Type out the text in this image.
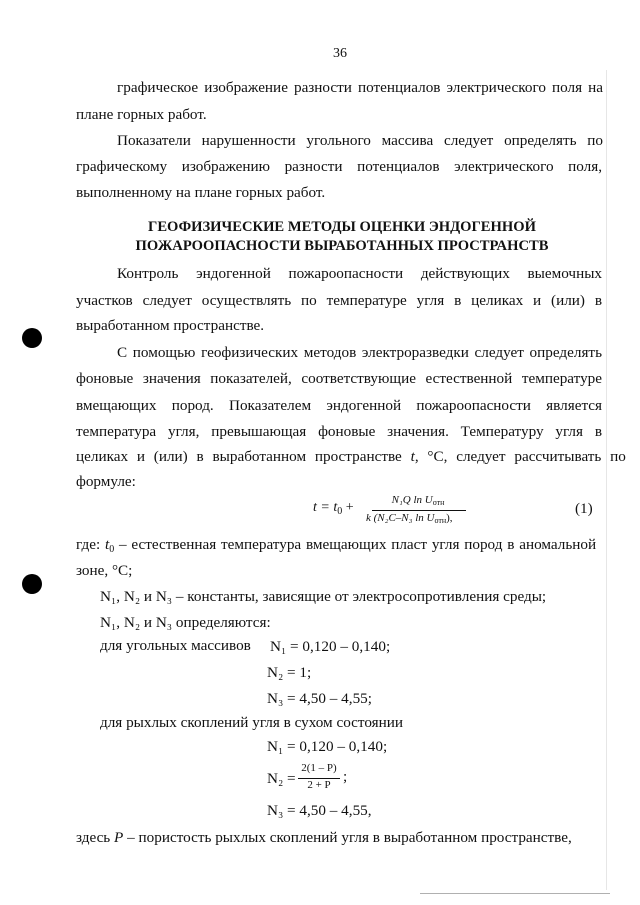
36
графическое изображение разности потенциалов электрического поля на
плане горных работ.
Показатели нарушенности угольного массива следует определять по
графическому изображению разности потенциалов электрического поля,
выполненному на плане горных работ.
ГЕОФИЗИЧЕСКИЕ МЕТОДЫ ОЦЕНКИ ЭНДОГЕННОЙ
ПОЖАРООПАСНОСТИ ВЫРАБОТАННЫХ ПРОСТРАНСТВ
Контроль эндогенной пожароопасности действующих выемочных
участков следует осуществлять по температуре угля в целиках и (или) в
выработанном пространстве.
С помощью геофизических методов электроразведки следует определять
фоновые значения показателей, соответствующие естественной температуре
вмещающих пород. Показателем эндогенной пожароопасности является
температура угля, превышающая фоновые значения. Температуру угля в
целиках и (или) в выработанном пространстве t, °С, следует рассчитывать по
формуле:
$t = t_0$ +	N₁Q ln Uотн
k (N₂C–N₃ ln Uотн),
(1)
где: $t_0$ – естественная температура вмещающих пласт угля пород в аномальной
зоне, °С;
N₁, N₂ и N₃ – константы, зависящие от электросопротивления среды;
N₁, N₂ и N₃ определяются:
для угольных массивов N₁ = 0,120 – 0,140;
N₂ = 1;
N₃ = 4,50 – 4,55;
для рыхлых скоплений угля в сухом состоянии
N₁ = 0,120 – 0,140;
N₂ =
2(1 – P)
2 + P ;
N₃ = 4,50 – 4,55,
здесь P – пористость рыхлых скоплений угля в выработанном пространстве,
